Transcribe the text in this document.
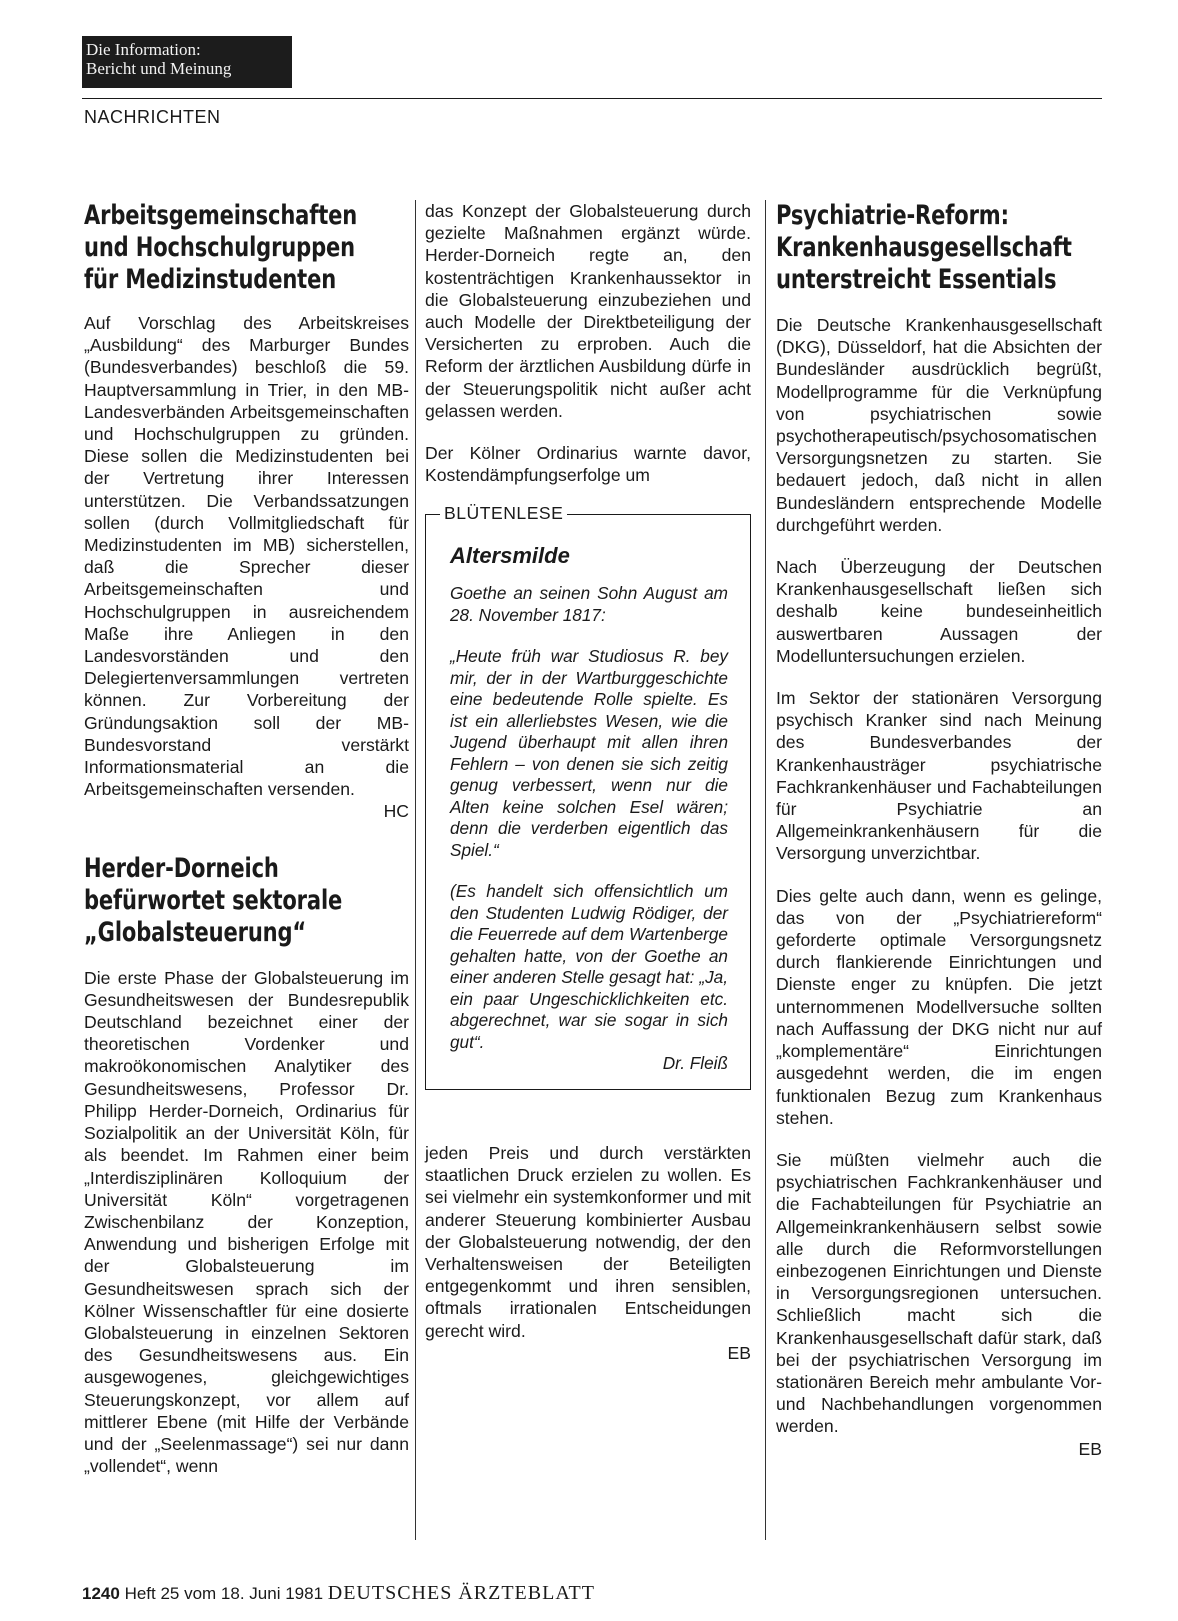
Die Information:
Bericht und Meinung
NACHRICHTEN
Arbeitsgemeinschaften
und Hochschulgruppen
für Medizinstudenten

Auf Vorschlag des Arbeitskreises „Ausbildung“ des Marburger Bundes (Bundesverbandes) beschloß die 59. Hauptversammlung in Trier, in den MB-Landesverbänden Arbeitsgemeinschaften und Hochschulgruppen zu gründen. Diese sollen die Medizinstudenten bei der Vertretung ihrer Interessen unterstützen. Die Verbandssatzungen sollen (durch Vollmitgliedschaft für Medizinstudenten im MB) sicherstellen, daß die Sprecher dieser Arbeitsgemeinschaften und Hochschulgruppen in ausreichendem Maße ihre Anliegen in den Landesvorständen und den Delegiertenversammlungen vertreten können. Zur Vorbereitung der Gründungsaktion soll der MB-Bundesvorstand verstärkt Informationsmaterial an die Arbeitsgemeinschaften versenden.
HC

Herder-Dorneich
befürwortet sektorale
„Globalsteuerung“

Die erste Phase der Globalsteuerung im Gesundheitswesen der Bundesrepublik Deutschland bezeichnet einer der theoretischen Vordenker und makroökonomischen Analytiker des Gesundheitswesens, Professor Dr. Philipp Herder-Dorneich, Ordinarius für Sozialpolitik an der Universität Köln, für als beendet. Im Rahmen einer beim „Interdisziplinären Kolloquium der Universität Köln“ vorgetragenen Zwischenbilanz der Konzeption, Anwendung und bisherigen Erfolge mit der Globalsteuerung im Gesundheitswesen sprach sich der Kölner Wissenschaftler für eine dosierte Globalsteuerung in einzelnen Sektoren des Gesundheitswesens aus. Ein ausgewogenes, gleichgewichtiges Steuerungskonzept, vor allem auf mittlerer Ebene (mit Hilfe der Verbände und der „Seelenmassage“) sei nur dann „vollendet“, wenn

das Konzept der Globalsteuerung durch gezielte Maßnahmen ergänzt würde. Herder-Dorneich regte an, den kostenträchtigen Krankenhaussektor in die Globalsteuerung einzubeziehen und auch Modelle der Direktbeteiligung der Versicherten zu erproben. Auch die Reform der ärztlichen Ausbildung dürfe in der Steuerungspolitik nicht außer acht gelassen werden.

Der Kölner Ordinarius warnte davor, Kostendämpfungserfolge um

BLÜTENLESE
Altersmilde

Goethe an seinen Sohn August am 28. November 1817:

„Heute früh war Studiosus R. bey mir, der in der Wartburggeschichte eine bedeutende Rolle spielte. Es ist ein allerliebstes Wesen, wie die Jugend überhaupt mit allen ihren Fehlern – von denen sie sich zeitig genug verbessert, wenn nur die Alten keine solchen Esel wären; denn die verderben eigentlich das Spiel.“

(Es handelt sich offensichtlich um den Studenten Ludwig Rödiger, der die Feuerrede auf dem Wartenberge gehalten hatte, von der Goethe an einer anderen Stelle gesagt hat: „Ja, ein paar Ungeschicklichkeiten etc. abgerechnet, war sie sogar in sich gut“.
Dr. Fleiß

jeden Preis und durch verstärkten staatlichen Druck erzielen zu wollen. Es sei vielmehr ein systemkonformer und mit anderer Steuerung kombinierter Ausbau der Globalsteuerung notwendig, der den Verhaltensweisen der Beteiligten entgegenkommt und ihren sensiblen, oftmals irrationalen Entscheidungen gerecht wird.
EB

Psychiatrie-Reform:
Krankenhausgesellschaft
unterstreicht Essentials

Die Deutsche Krankenhausgesellschaft (DKG), Düsseldorf, hat die Absichten der Bundesländer ausdrücklich begrüßt, Modellprogramme für die Verknüpfung von psychiatrischen sowie psychotherapeutisch/psychosomatischen Versorgungsnetzen zu starten. Sie bedauert jedoch, daß nicht in allen Bundesländern entsprechende Modelle durchgeführt werden.

Nach Überzeugung der Deutschen Krankenhausgesellschaft ließen sich deshalb keine bundeseinheitlich auswertbaren Aussagen der Modelluntersuchungen erzielen.

Im Sektor der stationären Versorgung psychisch Kranker sind nach Meinung des Bundesverbandes der Krankenhausträger psychiatrische Fachkrankenhäuser und Fachabteilungen für Psychiatrie an Allgemeinkrankenhäusern für die Versorgung unverzichtbar.

Dies gelte auch dann, wenn es gelinge, das von der „Psychiatriereform“ geforderte optimale Versorgungsnetz durch flankierende Einrichtungen und Dienste enger zu knüpfen. Die jetzt unternommenen Modellversuche sollten nach Auffassung der DKG nicht nur auf „komplementäre“ Einrichtungen ausgedehnt werden, die im engen funktionalen Bezug zum Krankenhaus stehen.

Sie müßten vielmehr auch die psychiatrischen Fachkrankenhäuser und die Fachabteilungen für Psychiatrie an Allgemeinkrankenhäusern selbst sowie alle durch die Reformvorstellungen einbezogenen Einrichtungen und Dienste in Versorgungsregionen untersuchen. Schließlich macht sich die Krankenhausgesellschaft dafür stark, daß bei der psychiatrischen Versorgung im stationären Bereich mehr ambulante Vor- und Nachbehandlungen vorgenommen werden.
EB

1240 Heft 25 vom 18. Juni 1981 DEUTSCHES ÄRZTEBLATT
